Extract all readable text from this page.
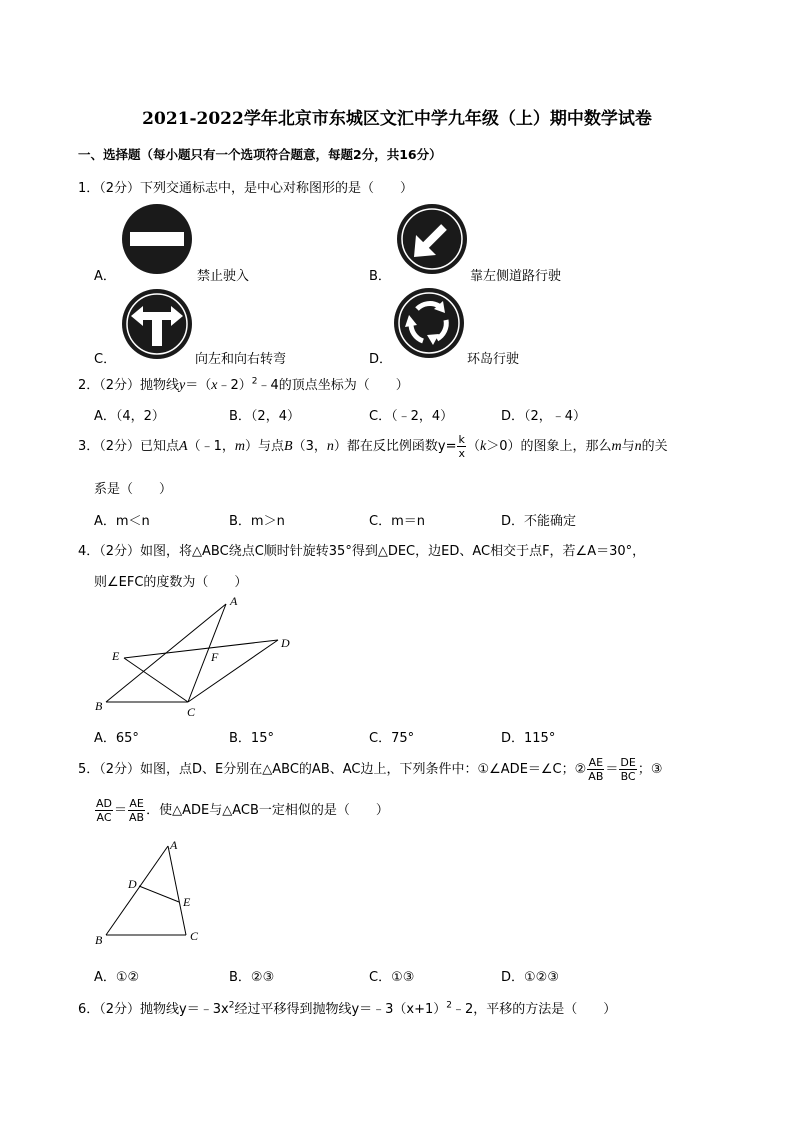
2021-2022学年北京市东城区文汇中学九年级（上）期中数学试卷
一、选择题（每小题只有一个选项符合题意，每题2分，共16分）
1．（2分）下列交通标志中，是中心对称图形的是（　　）
A．	禁止驶入	B．	靠左侧道路行驶
C．	向左和向右转弯	D．	环岛行驶
2．（2分）抛物线y＝（x﹣2）$^2$﹣4的顶点坐标为（　　）
A．（4，2）	B．（2，4）	C．（﹣2，4）	D．（2，﹣4）
3．（2分）已知点A（﹣1，m）与点B（3，n）都在反比例函数$y= \frac{k}{x} (k>0)$的图象上，那么m与n的关
系是（　　）
A．m＜n	B．m＞n	C．m＝n	D．不能确定
4．（2分）如图，将△ABC绕点C顺时针旋转35°得到△DEC，边ED、AC相交于点F，若∠A＝30°，
则∠EFC的度数为（　　）
A
B	C
D
E	F
A．65°	B．15°	C．75°	D．115°
5．（2分）如图，点D、E分别在△ABC的AB、AC边上，下列条件中：①∠ADE＝∠C；② $\frac{AE}{AB} = \frac{DE}{BC}$ ；③
$\frac{AD}{AC} = \frac{AE}{AB}$ ．使△ADE与△ACB一定相似的是（　　）
A
B	C
D
E
A．①②	B．②③	C．①③	D．①②③
6．（2分）抛物线$y=﹣3x^2$经过平移得到抛物线$y=﹣3(x+1)^2﹣2$，平移的方法是（　　）
